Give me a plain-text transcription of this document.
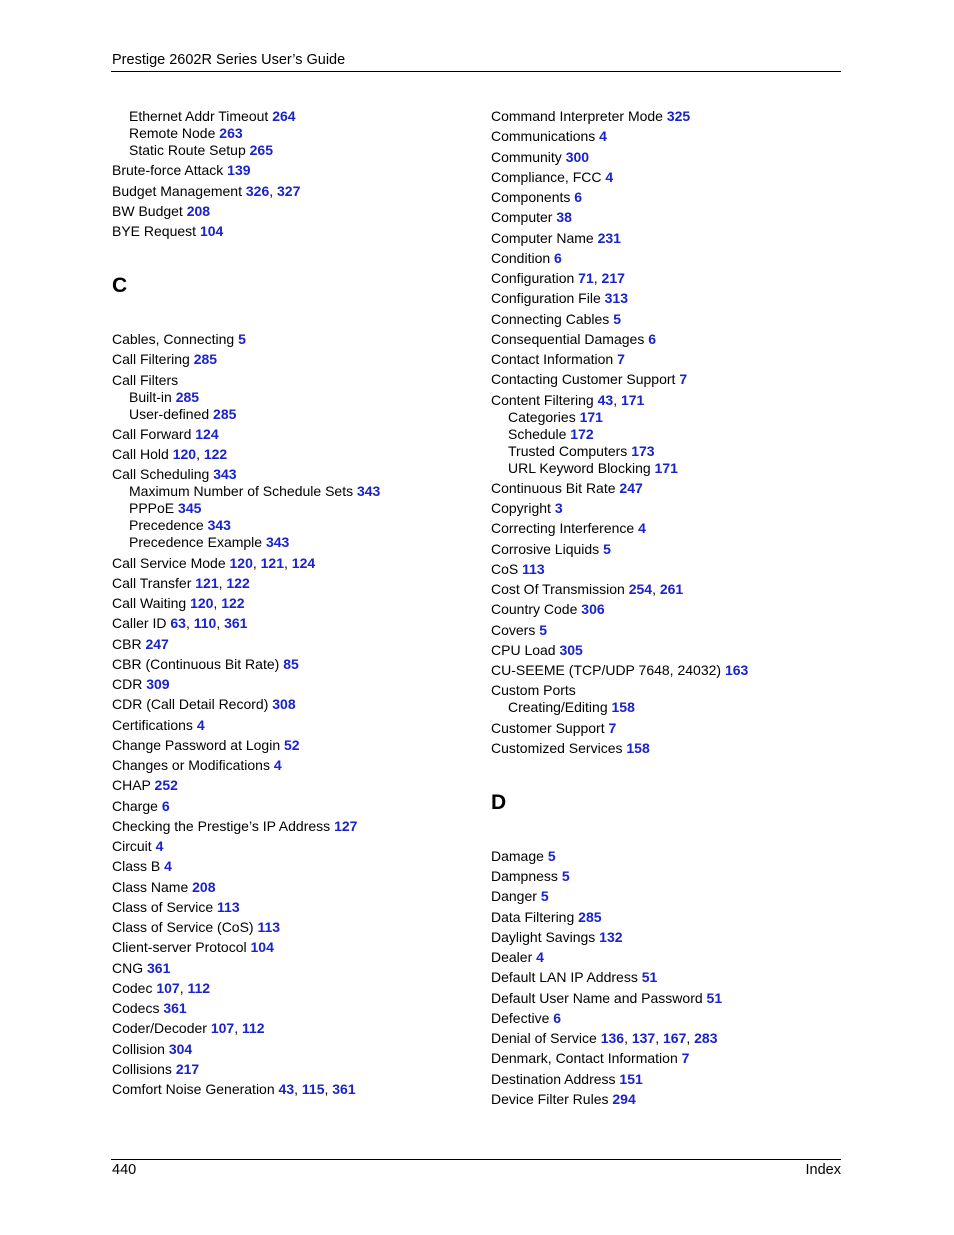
Prestige 2602R Series User’s Guide
Ethernet Addr Timeout 264
Remote Node 263
Static Route Setup 265
Brute-force Attack 139
Budget Management 326, 327
BW Budget 208
BYE Request 104
C
Cables, Connecting 5
Call Filtering 285
Call Filters
Built-in 285
User-defined 285
Call Forward 124
Call Hold 120, 122
Call Scheduling 343
Maximum Number of Schedule Sets 343
PPPoE 345
Precedence 343
Precedence Example 343
Call Service Mode 120, 121, 124
Call Transfer 121, 122
Call Waiting 120, 122
Caller ID 63, 110, 361
CBR 247
CBR (Continuous Bit Rate) 85
CDR 309
CDR (Call Detail Record) 308
Certifications 4
Change Password at Login 52
Changes or Modifications 4
CHAP 252
Charge 6
Checking the Prestige’s IP Address 127
Circuit 4
Class B 4
Class Name 208
Class of Service 113
Class of Service (CoS) 113
Client-server Protocol 104
CNG 361
Codec 107, 112
Codecs 361
Coder/Decoder 107, 112
Collision 304
Collisions 217
Comfort Noise Generation 43, 115, 361
Command Interpreter Mode 325
Communications 4
Community 300
Compliance, FCC 4
Components 6
Computer 38
Computer Name 231
Condition 6
Configuration 71, 217
Configuration File 313
Connecting Cables 5
Consequential Damages 6
Contact Information 7
Contacting Customer Support 7
Content Filtering 43, 171
Categories 171
Schedule 172
Trusted Computers 173
URL Keyword Blocking 171
Continuous Bit Rate 247
Copyright 3
Correcting Interference 4
Corrosive Liquids 5
CoS 113
Cost Of Transmission 254, 261
Country Code 306
Covers 5
CPU Load 305
CU-SEEME (TCP/UDP 7648, 24032) 163
Custom Ports
Creating/Editing 158
Customer Support 7
Customized Services 158
D
Damage 5
Dampness 5
Danger 5
Data Filtering 285
Daylight Savings 132
Dealer 4
Default LAN IP Address 51
Default User Name and Password 51
Defective 6
Denial of Service 136, 137, 167, 283
Denmark, Contact Information 7
Destination Address 151
Device Filter Rules 294
440	Index
